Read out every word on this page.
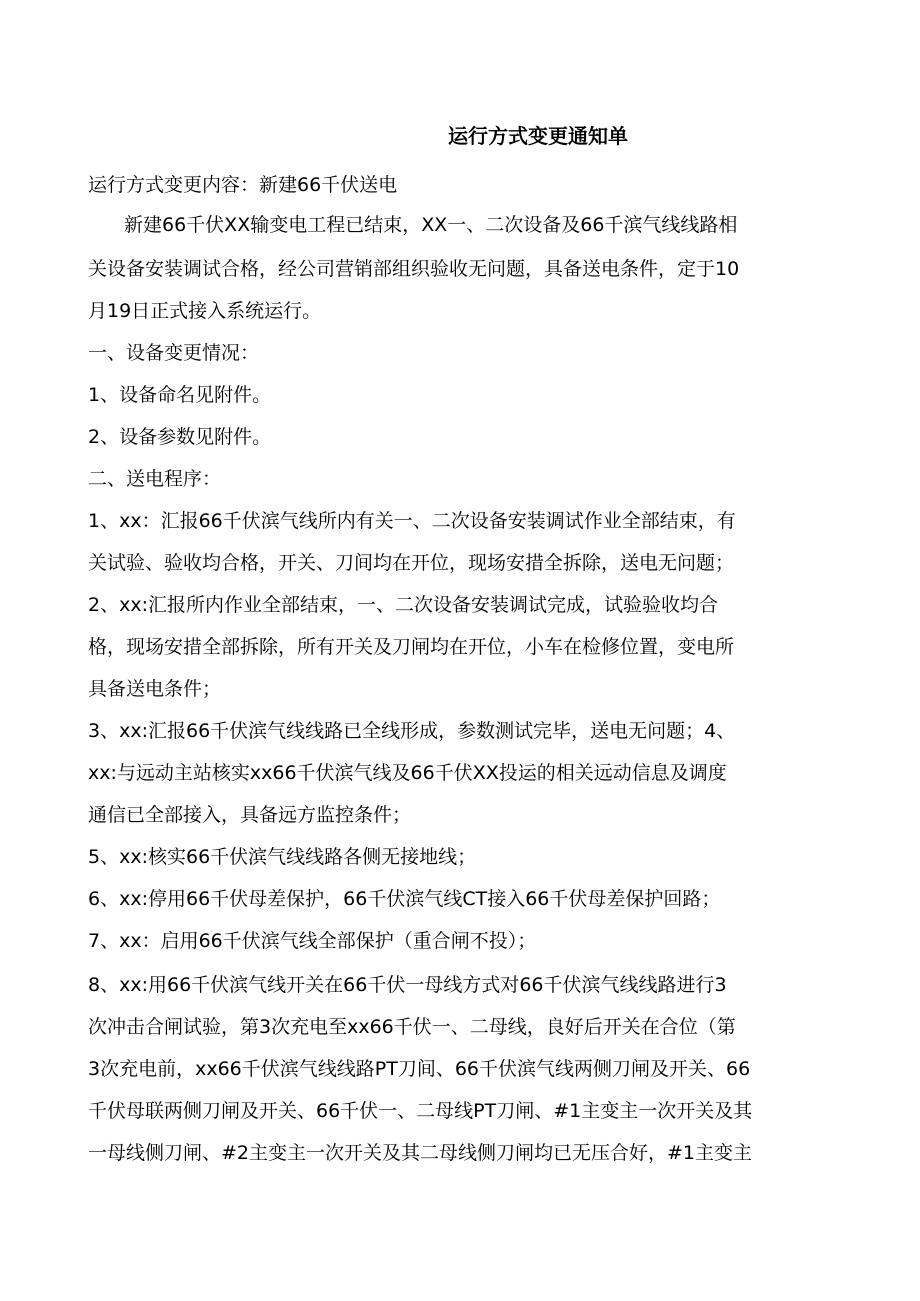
运行方式变更通知单

运行方式变更内容：新建66千伏送电

新建66千伏XX输变电工程已结束，XX一、二次设备及66千滨气线线路相

关设备安装调试合格，经公司营销部组织验收无问题，具备送电条件，定于10

月19日正式接入系统运行。

一、设备变更情况：

1、设备命名见附件。

2、设备参数见附件。

二、送电程序：

1、xx：汇报66千伏滨气线所内有关一、二次设备安装调试作业全部结束，有

关试验、验收均合格，开关、刀间均在开位，现场安措全拆除，送电无问题；

2、xx:汇报所内作业全部结束，一、二次设备安装调试完成，试验验收均合

格，现场安措全部拆除，所有开关及刀闸均在开位，小车在检修位置，变电所

具备送电条件；

3、xx:汇报66千伏滨气线线路已全线形成，参数测试完毕，送电无问题；4、

xx:与远动主站核实xx66千伏滨气线及66千伏XX投运的相关远动信息及调度

通信已全部接入，具备远方监控条件；

5、xx:核实66千伏滨气线线路各侧无接地线；

6、xx:停用66千伏母差保护，66千伏滨气线CT接入66千伏母差保护回路；

7、xx：启用66千伏滨气线全部保护（重合闸不投）；

8、xx:用66千伏滨气线开关在66千伏一母线方式对66千伏滨气线线路进行3

次冲击合闸试验，第3次充电至xx66千伏一、二母线，良好后开关在合位（第

3次充电前，xx66千伏滨气线线路PT刀间、66千伏滨气线两侧刀闸及开关、66

千伏母联两侧刀闸及开关、66千伏一、二母线PT刀闸、#1主变主一次开关及其

一母线侧刀闸、#2主变主一次开关及其二母线侧刀闸均已无压合好，#1主变主
